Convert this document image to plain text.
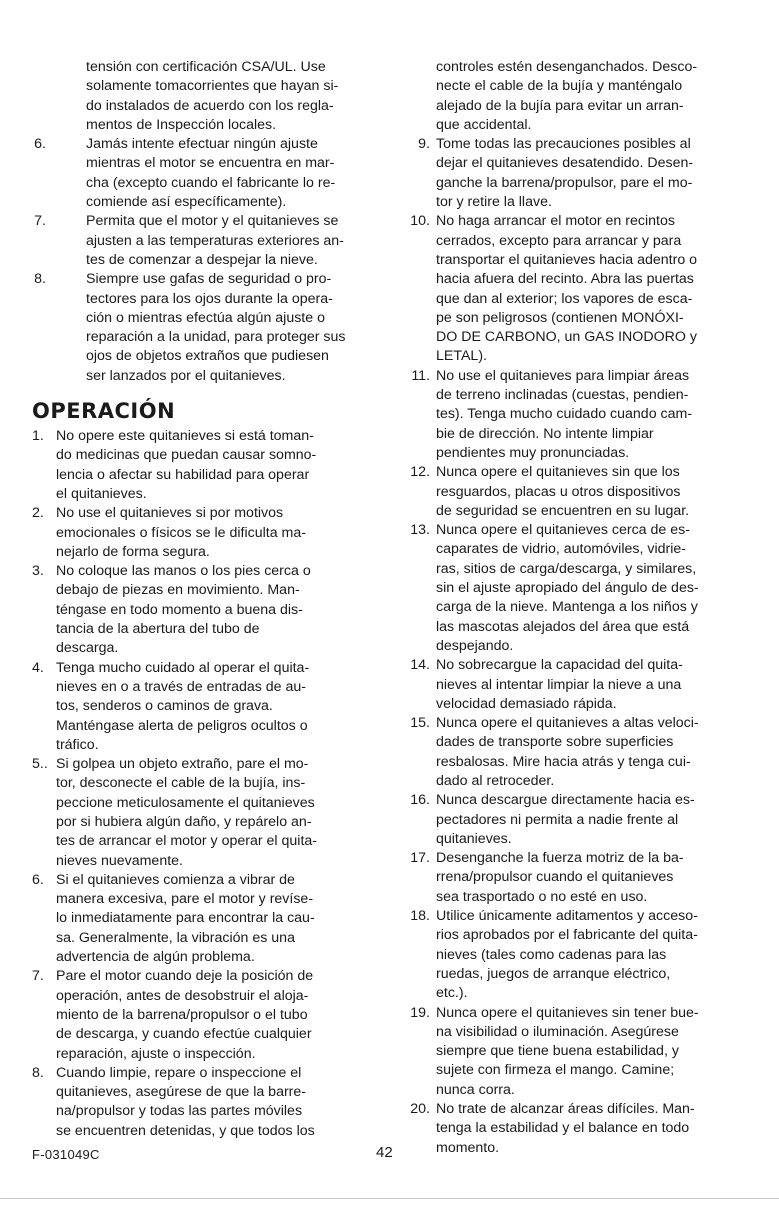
tensión con certificación CSA/UL. Use

solamente tomacorrientes que hayan si-

do instalados de acuerdo con los regla-

mentos de Inspección locales.

6.	Jamás intente efectuar ningún ajuste

mientras el motor se encuentra en mar-

cha (excepto cuando el fabricante lo re-

comiende así específicamente).

7.	Permita que el motor y el quitanieves se

ajusten a las temperaturas exteriores an-

tes de comenzar a despejar la nieve.

8.	Siempre use gafas de seguridad o pro-

tectores para los ojos durante la opera-

ción o mientras efectúa algún ajuste o

reparación a la unidad, para proteger sus

ojos de objetos extraños que pudiesen

ser lanzados por el quitanieves.

OPERACIÓN
1. No opere este quitanieves si está toman-

do medicinas que puedan causar somno-

lencia o afectar su habilidad para operar

el quitanieves.

2. No use el quitanieves si por motivos

emocionales o físicos se le dificulta ma-

nejarlo de forma segura.

3. No coloque las manos o los pies cerca o

debajo de piezas en movimiento. Man-

téngase en todo momento a buena dis-

tancia de la abertura del tubo de

descarga.

4. Tenga mucho cuidado al operar el quita-

nieves en o a través de entradas de au-

tos, senderos o caminos de grava.

Manténgase alerta de peligros ocultos o

tráfico.

5.. Si golpea un objeto extraño, pare el mo-

tor, desconecte el cable de la bujía, ins-

peccione meticulosamente el quitanieves

por si hubiera algún daño, y repárelo an-

tes de arrancar el motor y operar el quita-

nieves nuevamente.

6. Si el quitanieves comienza a vibrar de

manera excesiva, pare el motor y revíse-

lo inmediatamente para encontrar la cau-

sa. Generalmente, la vibración es una

advertencia de algún problema.

7. Pare el motor cuando deje la posición de

operación, antes de desobstruir el aloja-

miento de la barrena/propulsor o el tubo

de descarga, y cuando efectúe cualquier

reparación, ajuste o inspección.

8. Cuando limpie, repare o inspeccione el

quitanieves, asegúrese de que la barre-

na/propulsor y todas las partes móviles

se encuentren detenidas, y que todos los

controles estén desenganchados. Desco-

necte el cable de la bujía y manténgalo

alejado de la bujía para evitar un arran-

que accidental.

9. Tome todas las precauciones posibles al

dejar el quitanieves desatendido. Desen-

ganche la barrena/propulsor, pare el mo-

tor y retire la llave.

10. No haga arrancar el motor en recintos

cerrados, excepto para arrancar y para

transportar el quitanieves hacia adentro o

hacia afuera del recinto. Abra las puertas

que dan al exterior; los vapores de esca-

pe son peligrosos (contienen MONÓXI-

DO DE CARBONO, un GAS INODORO y

LETAL).

11. No use el quitanieves para limpiar áreas

de terreno inclinadas (cuestas, pendien-

tes). Tenga mucho cuidado cuando cam-

bie de dirección. No intente limpiar

pendientes muy pronunciadas.

12. Nunca opere el quitanieves sin que los

resguardos, placas u otros dispositivos

de seguridad se encuentren en su lugar.

13. Nunca opere el quitanieves cerca de es-

caparates de vidrio, automóviles, vidrie-

ras, sitios de carga/descarga, y similares,

sin el ajuste apropiado del ángulo de des-

carga de la nieve. Mantenga a los niños y

las mascotas alejados del área que está

despejando.

14. No sobrecargue la capacidad del quita-

nieves al intentar limpiar la nieve a una

velocidad demasiado rápida.

15. Nunca opere el quitanieves a altas veloci-

dades de transporte sobre superficies

resbalosas. Mire hacia atrás y tenga cui-

dado al retroceder.

16. Nunca descargue directamente hacia es-

pectadores ni permita a nadie frente al

quitanieves.

17. Desenganche la fuerza motriz de la ba-

rrena/propulsor cuando el quitanieves

sea trasportado o no esté en uso.

18. Utilice únicamente aditamentos y acceso-

rios aprobados por el fabricante del quita-

nieves (tales como cadenas para las

ruedas, juegos de arranque eléctrico,

etc.).

19. Nunca opere el quitanieves sin tener bue-

na visibilidad o iluminación. Asegúrese

siempre que tiene buena estabilidad, y

sujete con firmeza el mango. Camine;

nunca corra.

20. No trate de alcanzar áreas difíciles. Man-

tenga la estabilidad y el balance en todo

momento.

F-031049C	42
